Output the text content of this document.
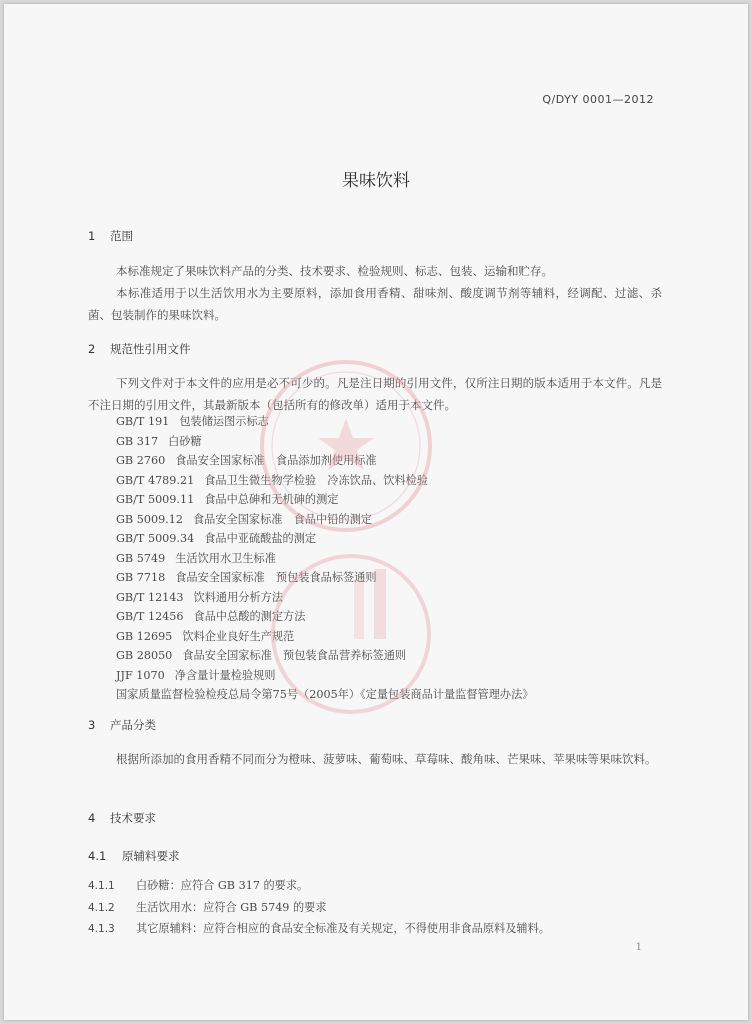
Q/DYY 0001—2012
果味饮料
1 范围
本标准规定了果味饮料产品的分类、技术要求、检验规则、标志、包装、运输和贮存。
本标准适用于以生活饮用水为主要原料，添加食用香精、甜味剂、酸度调节剂等辅料，经调配、过滤、杀菌、包装制作的果味饮料。
2 规范性引用文件
下列文件对于本文件的应用是必不可少的。凡是注日期的引用文件，仅所注日期的版本适用于本文件。凡是不注日期的引用文件，其最新版本（包括所有的修改单）适用于本文件。
GB/T 191 包装储运图示标志
GB 317 白砂糖
GB 2760 食品安全国家标准　食品添加剂使用标准
GB/T 4789.21 食品卫生微生物学检验　冷冻饮品、饮料检验
GB/T 5009.11 食品中总砷和无机砷的测定
GB 5009.12 食品安全国家标准　食品中铅的测定
GB/T 5009.34 食品中亚硫酸盐的测定
GB 5749 生活饮用水卫生标准
GB 7718 食品安全国家标准　预包装食品标签通则
GB/T 12143 饮料通用分析方法
GB/T 12456 食品中总酸的测定方法
GB 12695 饮料企业良好生产规范
GB 28050 食品安全国家标准　预包装食品营养标签通则
JJF 1070 净含量计量检验规则
国家质量监督检验检疫总局令第75号（2005年）《定量包装商品计量监督管理办法》
3 产品分类
根据所添加的食用香精不同而分为橙味、菠萝味、葡萄味、草莓味、酸角味、芒果味、苹果味等果味饮料。
4 技术要求
4.1 原辅料要求
4.1.1 白砂糖：应符合 GB 317 的要求。
4.1.2 生活饮用水：应符合 GB 5749 的要求
4.1.3 其它原辅料：应符合相应的食品安全标准及有关规定，不得使用非食品原料及辅料。
1
